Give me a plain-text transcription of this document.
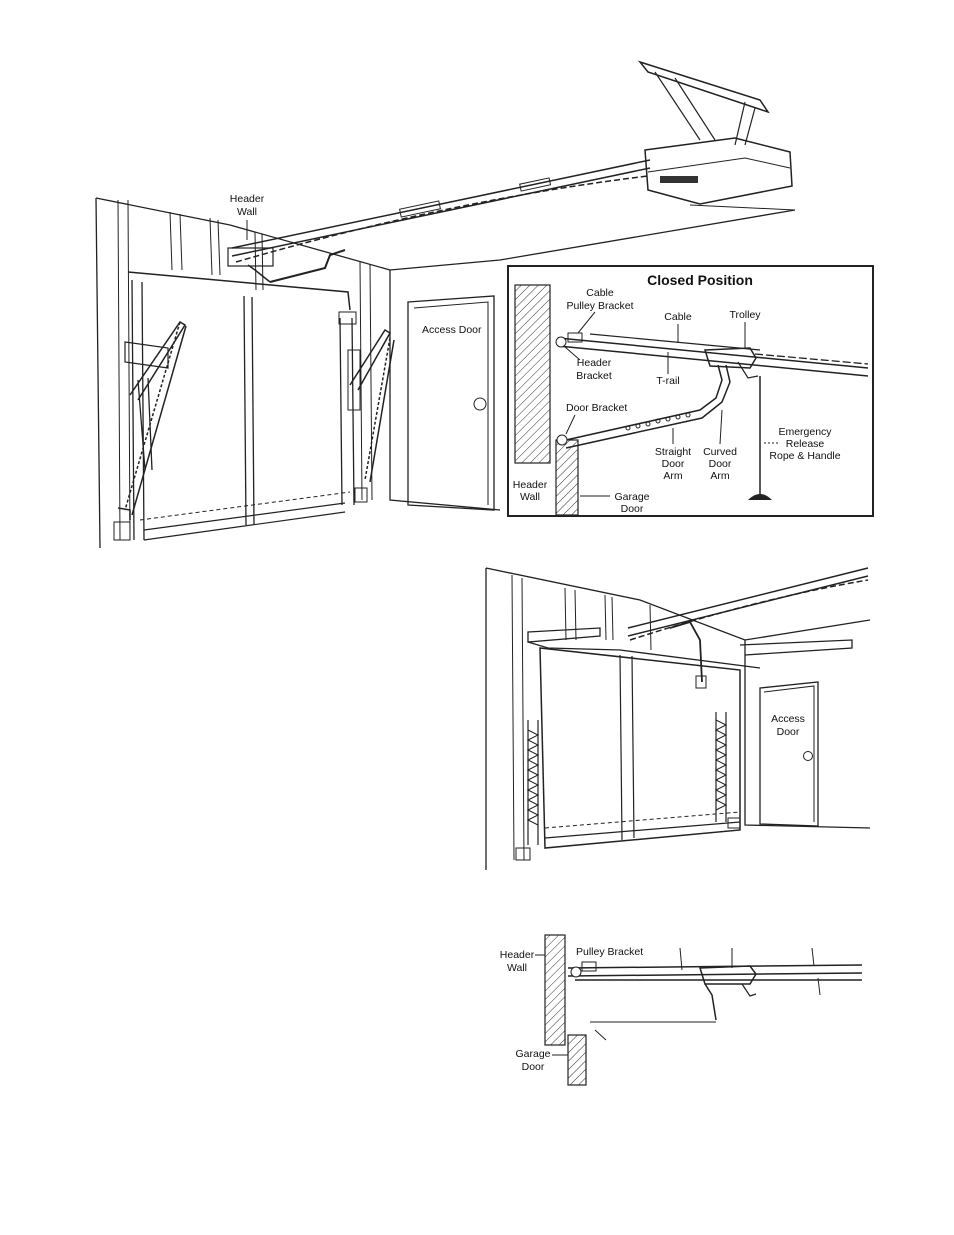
Access Door
Header
Wall
Closed Position
Cable
Pulley Bracket
Cable	Trolley
Header
Bracket	T-rail
Door Bracket
Straight
Door
Arm
Curved
Door
Arm
Emergency
Release
Rope & Handle
Header
Wall	Garage
Door
Access
Door
Pulley Bracket
Header
Wall
Garage
Door
